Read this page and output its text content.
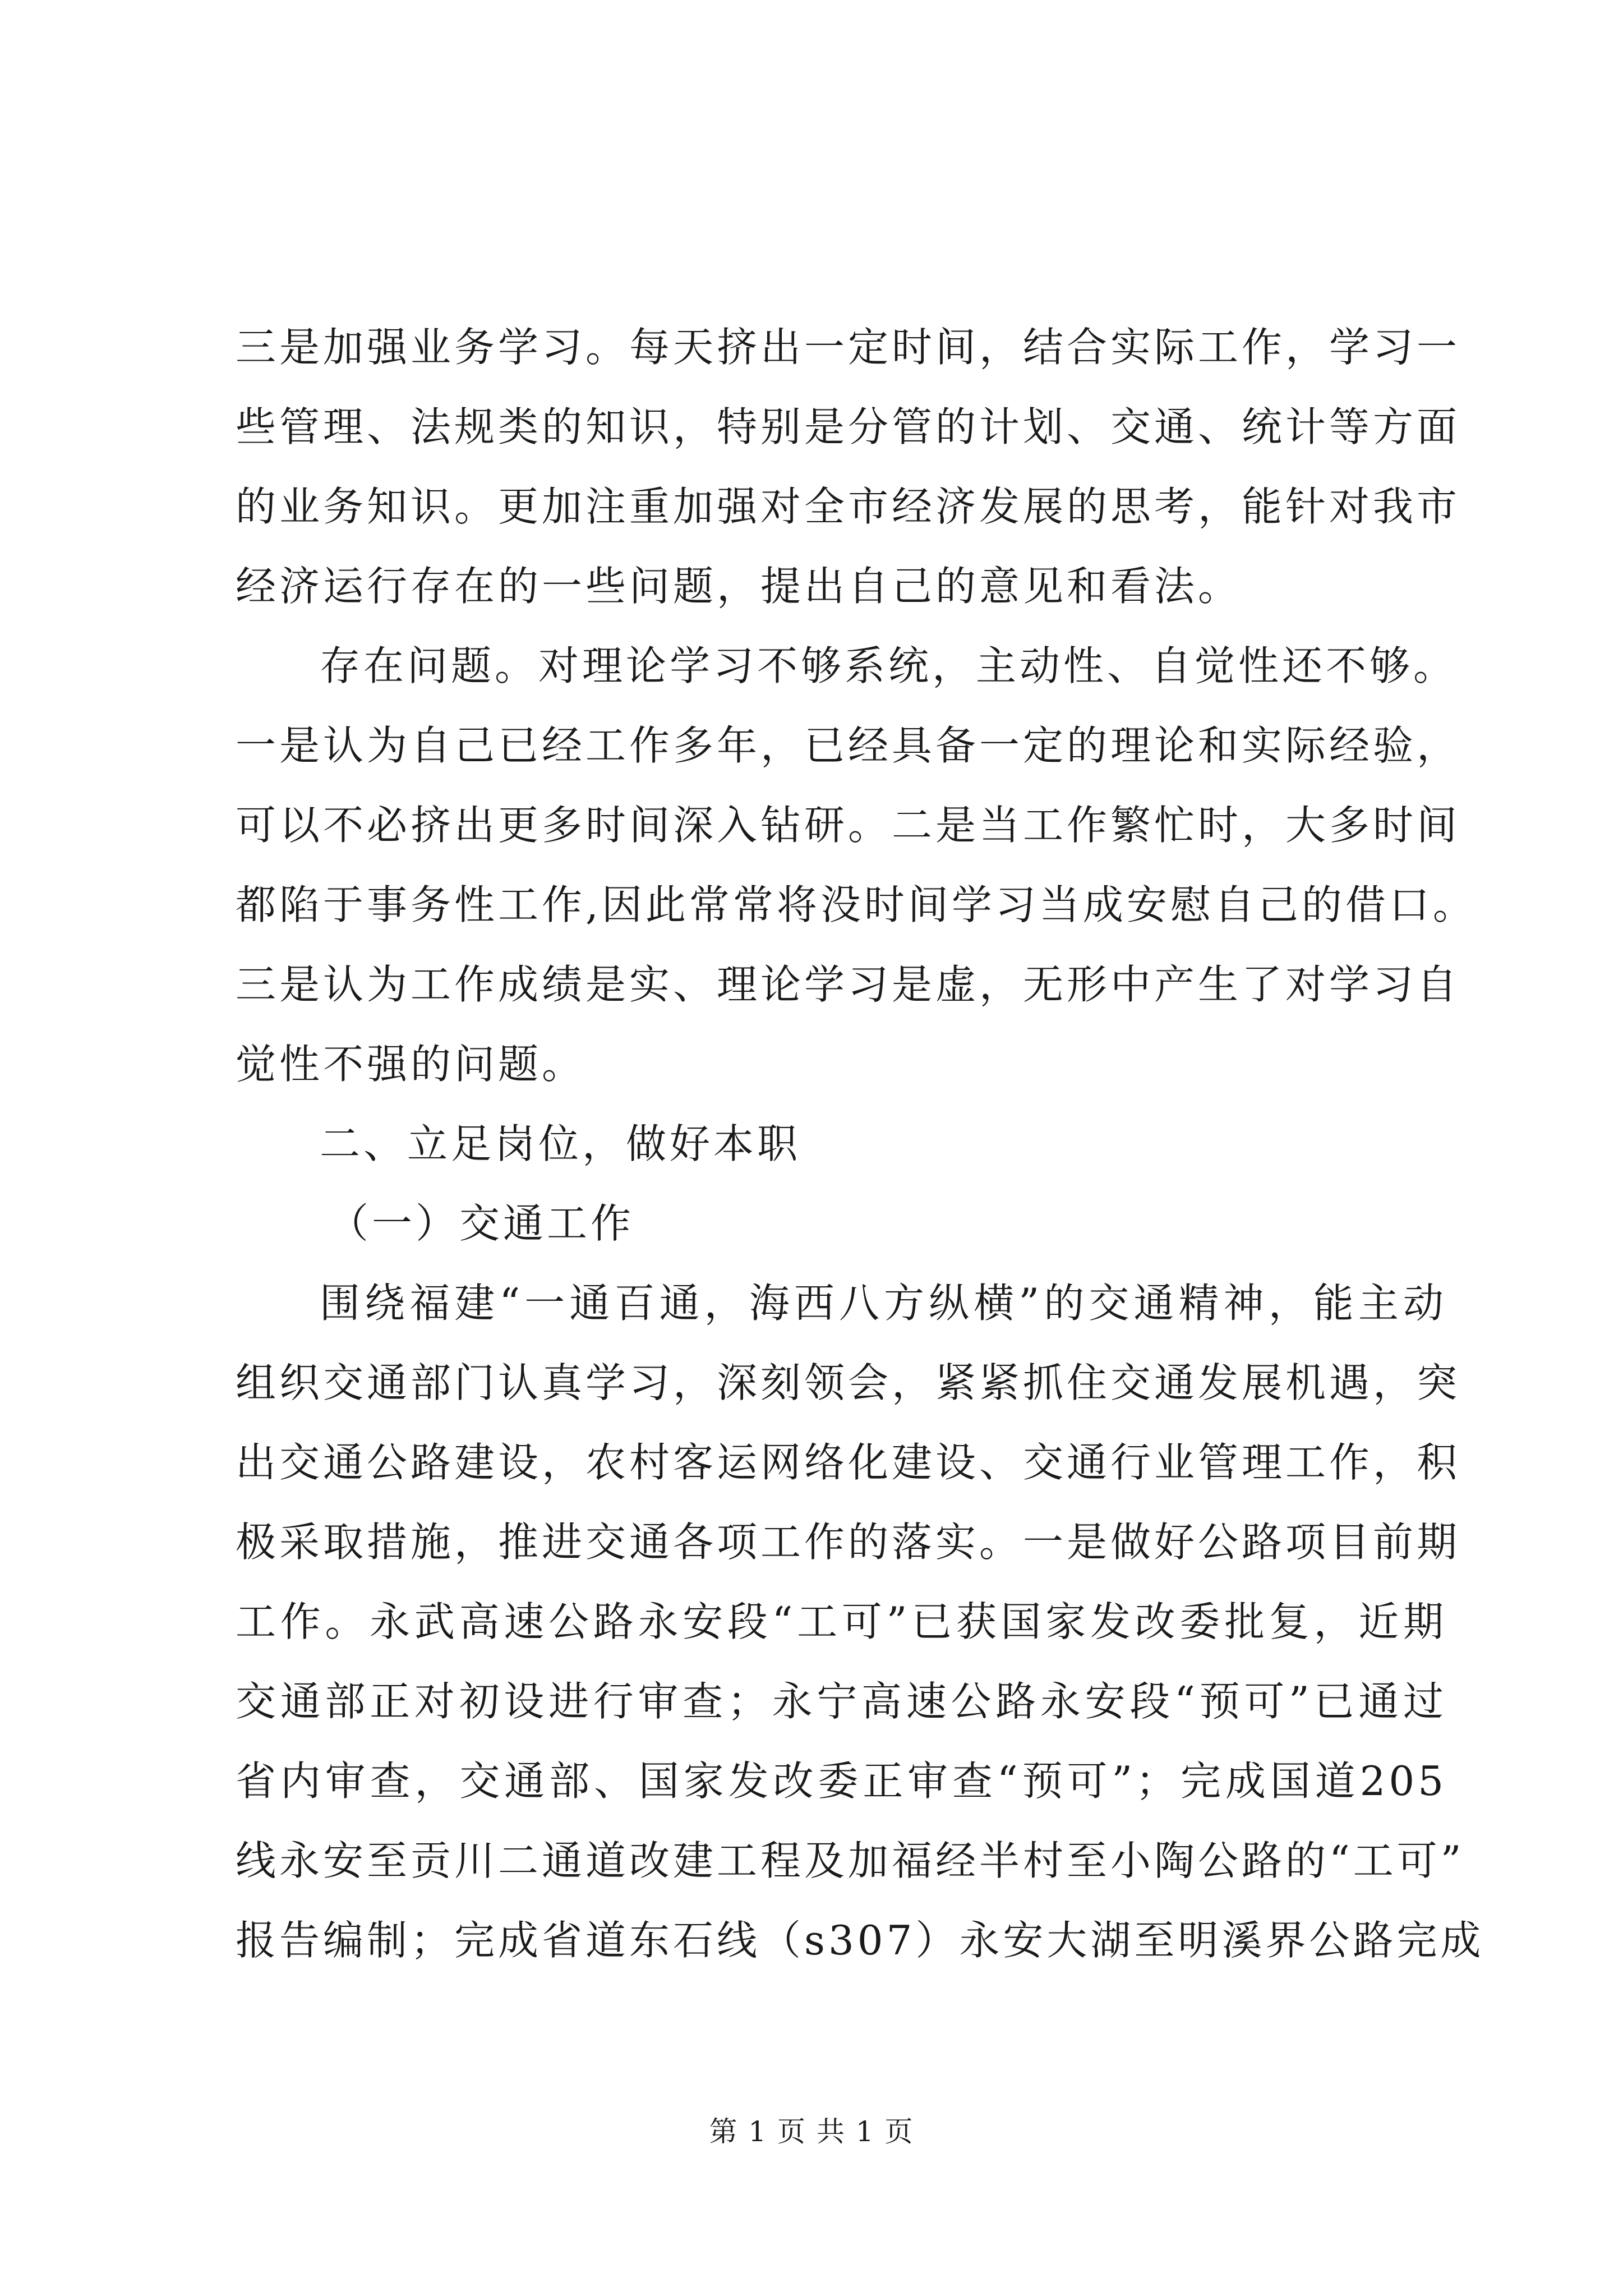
三是加强业务学习。每天挤出一定时间，结合实际工作，学习一
些管理、法规类的知识，特别是分管的计划、交通、统计等方面
的业务知识。更加注重加强对全市经济发展的思考，能针对我市
经济运行存在的一些问题，提出自己的意见和看法。
存在问题。对理论学习不够系统，主动性、自觉性还不够。
一是认为自己已经工作多年，已经具备一定的理论和实际经验，
可以不必挤出更多时间深入钻研。二是当工作繁忙时，大多时间
都陷于事务性工作,因此常常将没时间学习当成安慰自己的借口。
三是认为工作成绩是实、理论学习是虚，无形中产生了对学习自
觉性不强的问题。
二、立足岗位，做好本职
（一）交通工作
围绕福建“一通百通，海西八方纵横”的交通精神，能主动
组织交通部门认真学习，深刻领会，紧紧抓住交通发展机遇，突
出交通公路建设，农村客运网络化建设、交通行业管理工作，积
极采取措施，推进交通各项工作的落实。一是做好公路项目前期
工作。永武高速公路永安段“工可”已获国家发改委批复，近期
交通部正对初设进行审查；永宁高速公路永安段“预可”已通过
省内审查，交通部、国家发改委正审查“预可”；完成国道205
线永安至贡川二通道改建工程及加福经半村至小陶公路的“工可”
报告编制；完成省道东石线（s307）永安大湖至明溪界公路完成
第 1 页 共 1 页
